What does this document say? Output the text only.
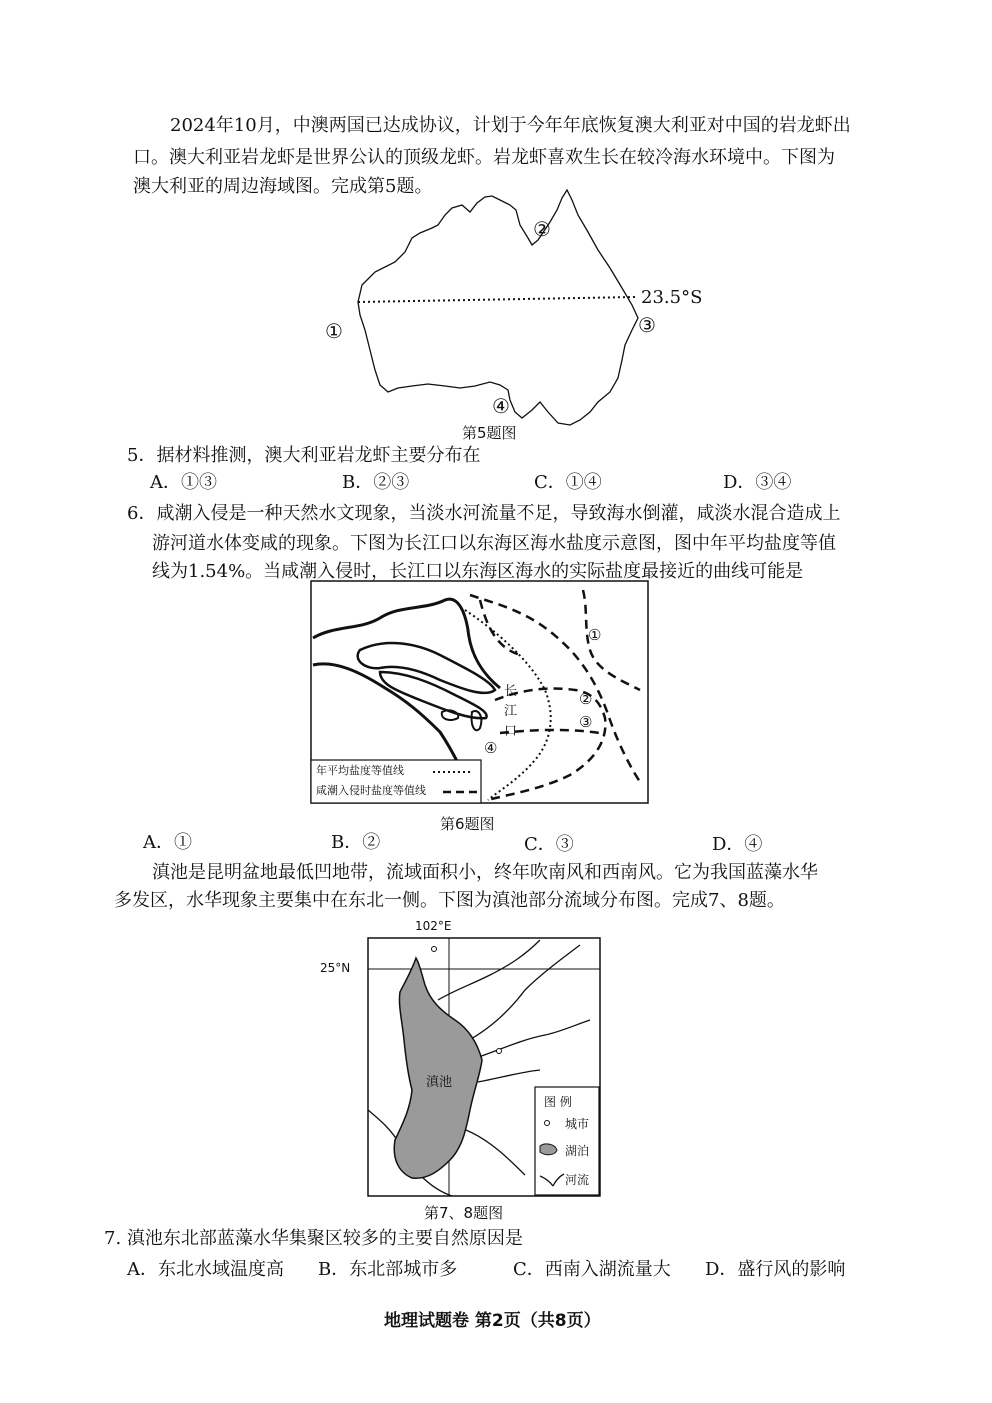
2024年10月，中澳两国已达成协议，计划于今年年底恢复澳大利亚对中国的岩龙虾出
口。澳大利亚岩龙虾是世界公认的顶级龙虾。岩龙虾喜欢生长在较冷海水环境中。下图为
澳大利亚的周边海域图。完成第5题。
23.5°S
②
①	③
④
第5题图
5．据材料推测，澳大利亚岩龙虾主要分布在
A．①③	B．②③	C．①④	D．③④
6．咸潮入侵是一种天然水文现象，当淡水河流量不足，导致海水倒灌，咸淡水混合造成上
游河道水体变咸的现象。下图为长江口以东海区海水盐度示意图，图中年平均盐度等值
线为1.54%。当咸潮入侵时，长江口以东海区海水的实际盐度最接近的曲线可能是
长
江
口
①
②
③
④
年平均盐度等值线
咸潮入侵时盐度等值线
第6题图
A．①	B．②	C．③	D．④
滇池是昆明盆地最低凹地带，流域面积小，终年吹南风和西南风。它为我国蓝藻水华
多发区，水华现象主要集中在东北一侧。下图为滇池部分流域分布图。完成7、8题。
102°E
25°N
滇池
图 例
城市
湖泊
河流
第7、8题图
7. 滇池东北部蓝藻水华集聚区较多的主要自然原因是
A．东北水域温度高 B．东北部城市多	C．西南入湖流量大 D．盛行风的影响
地理试题卷 第2页（共8页）
